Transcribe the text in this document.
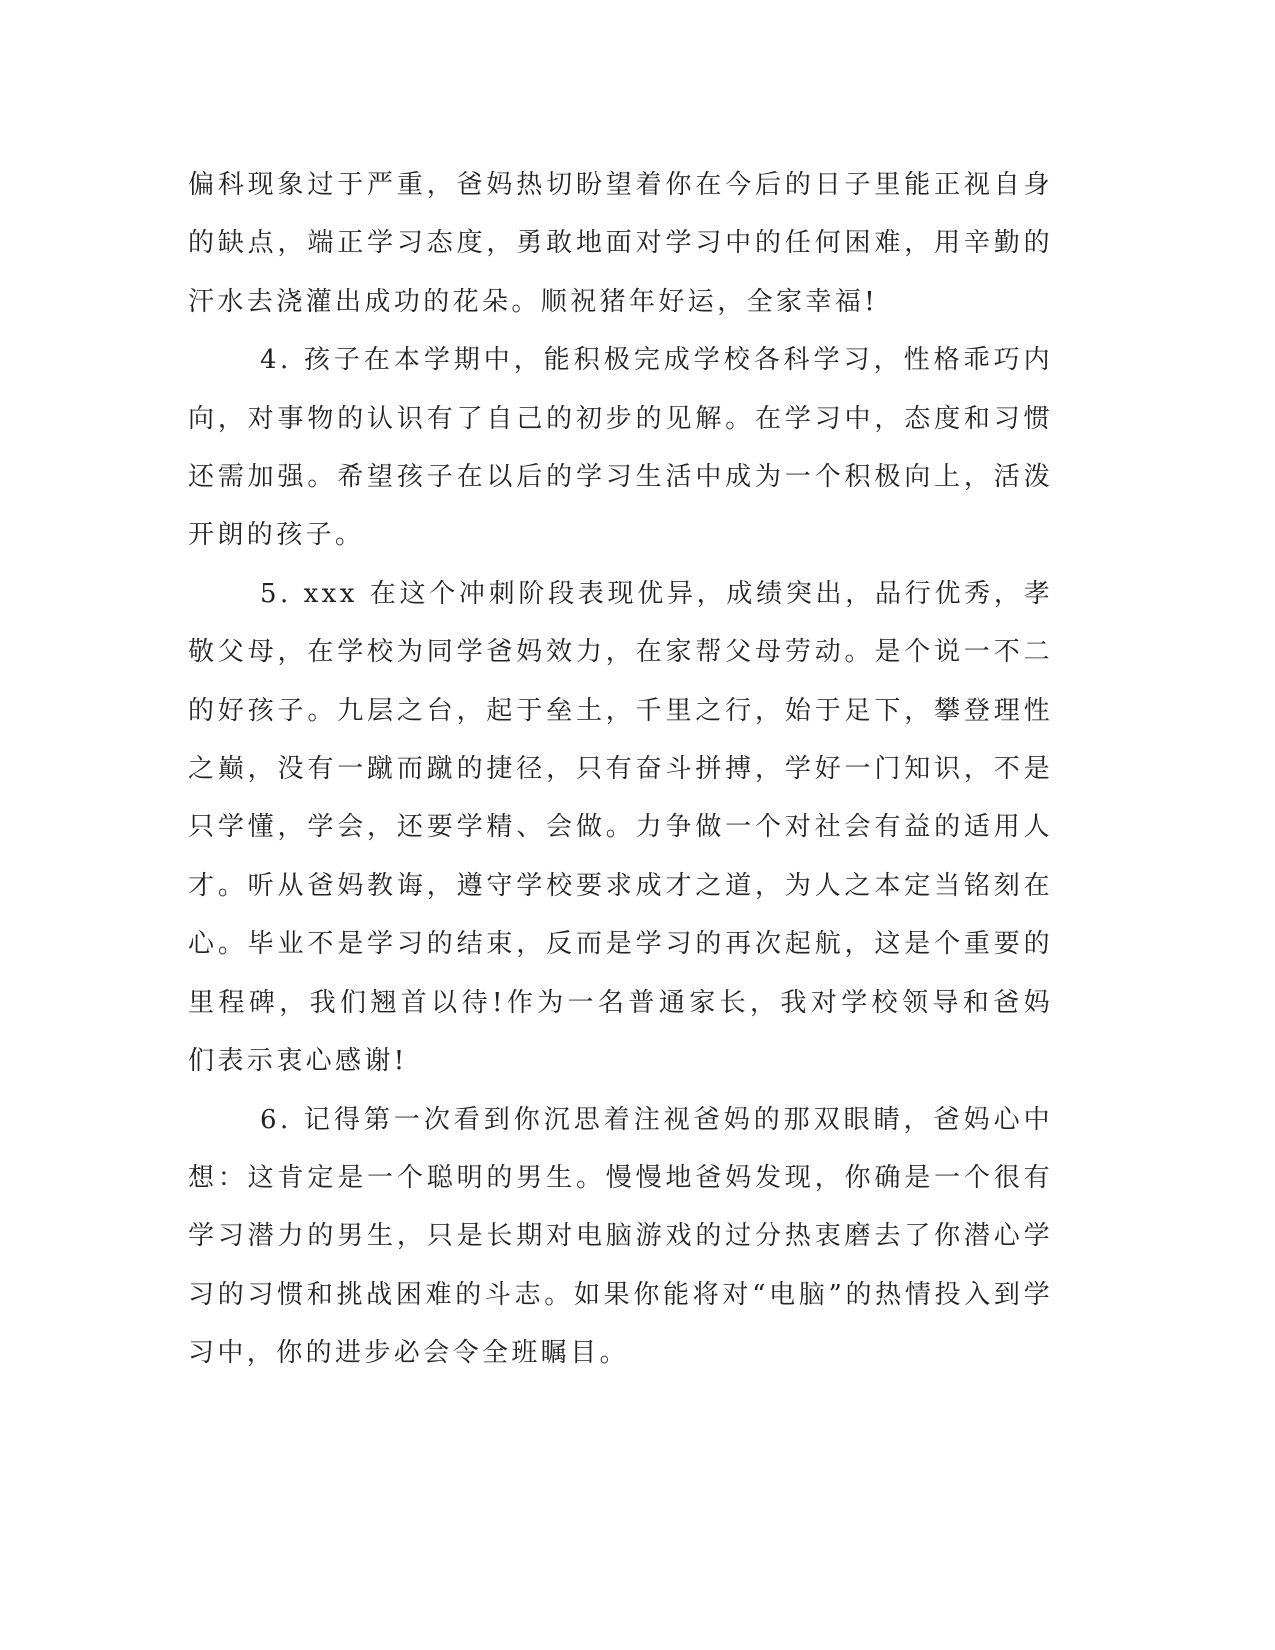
偏科现象过于严重，爸妈热切盼望着你在今后的日子里能正视自身的缺点，端正学习态度，勇敢地面对学习中的任何困难，用辛勤的汗水去浇灌出成功的花朵。顺祝猪年好运，全家幸福!

4. 孩子在本学期中，能积极完成学校各科学习，性格乖巧内向，对事物的认识有了自己的初步的见解。在学习中，态度和习惯还需加强。希望孩子在以后的学习生活中成为一个积极向上，活泼开朗的孩子。

5. xxx 在这个冲刺阶段表现优异，成绩突出，品行优秀，孝敬父母，在学校为同学爸妈效力，在家帮父母劳动。是个说一不二的好孩子。九层之台，起于垒土，千里之行，始于足下，攀登理性之巅，没有一蹴而蹴的捷径，只有奋斗拼搏，学好一门知识，不是只学懂，学会，还要学精、会做。力争做一个对社会有益的适用人才。听从爸妈教诲，遵守学校要求成才之道，为人之本定当铭刻在心。毕业不是学习的结束，反而是学习的再次起航，这是个重要的里程碑，我们翘首以待!作为一名普通家长，我对学校领导和爸妈们表示衷心感谢!

6. 记得第一次看到你沉思着注视爸妈的那双眼睛，爸妈心中想：这肯定是一个聪明的男生。慢慢地爸妈发现，你确是一个很有学习潜力的男生，只是长期对电脑游戏的过分热衷磨去了你潜心学习的习惯和挑战困难的斗志。如果你能将对“电脑”的热情投入到学习中，你的进步必会令全班瞩目。
